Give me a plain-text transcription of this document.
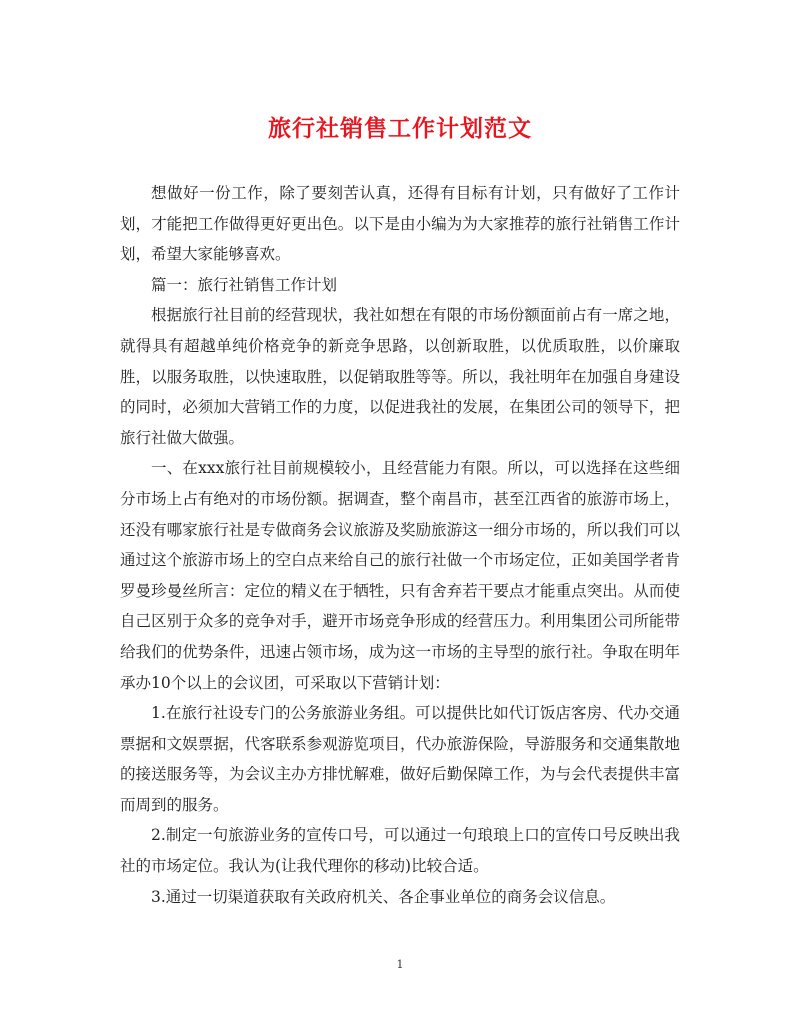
旅行社销售工作计划范文

想做好一份工作，除了要刻苦认真，还得有目标有计划，只有做好了工作计划，才能把工作做得更好更出色。以下是由小编为为大家推荐的旅行社销售工作计划，希望大家能够喜欢。

篇一：旅行社销售工作计划

根据旅行社目前的经营现状，我社如想在有限的市场份额面前占有一席之地，就得具有超越单纯价格竞争的新竞争思路，以创新取胜，以优质取胜，以价廉取胜，以服务取胜，以快速取胜，以促销取胜等等。所以，我社明年在加强自身建设的同时，必须加大营销工作的力度，以促进我社的发展，在集团公司的领导下，把旅行社做大做强。

一、在xxx旅行社目前规模较小，且经营能力有限。所以，可以选择在这些细分市场上占有绝对的市场份额。据调查，整个南昌市，甚至江西省的旅游市场上，还没有哪家旅行社是专做商务会议旅游及奖励旅游这一细分市场的，所以我们可以通过这个旅游市场上的空白点来给自己的旅行社做一个市场定位，正如美国学者肯罗曼珍曼丝所言：定位的精义在于牺牲，只有舍弃若干要点才能重点突出。从而使自己区别于众多的竞争对手，避开市场竞争形成的经营压力。利用集团公司所能带给我们的优势条件，迅速占领市场，成为这一市场的主导型的旅行社。争取在明年承办10个以上的会议团，可采取以下营销计划：

1.在旅行社设专门的公务旅游业务组。可以提供比如代订饭店客房、代办交通票据和文娱票据，代客联系参观游览项目，代办旅游保险，导游服务和交通集散地的接送服务等，为会议主办方排忧解难，做好后勤保障工作，为与会代表提供丰富而周到的服务。

2.制定一句旅游业务的宣传口号，可以通过一句琅琅上口的宣传口号反映出我社的市场定位。我认为(让我代理你的移动)比较合适。

3.通过一切渠道获取有关政府机关、各企事业单位的商务会议信息。

1
